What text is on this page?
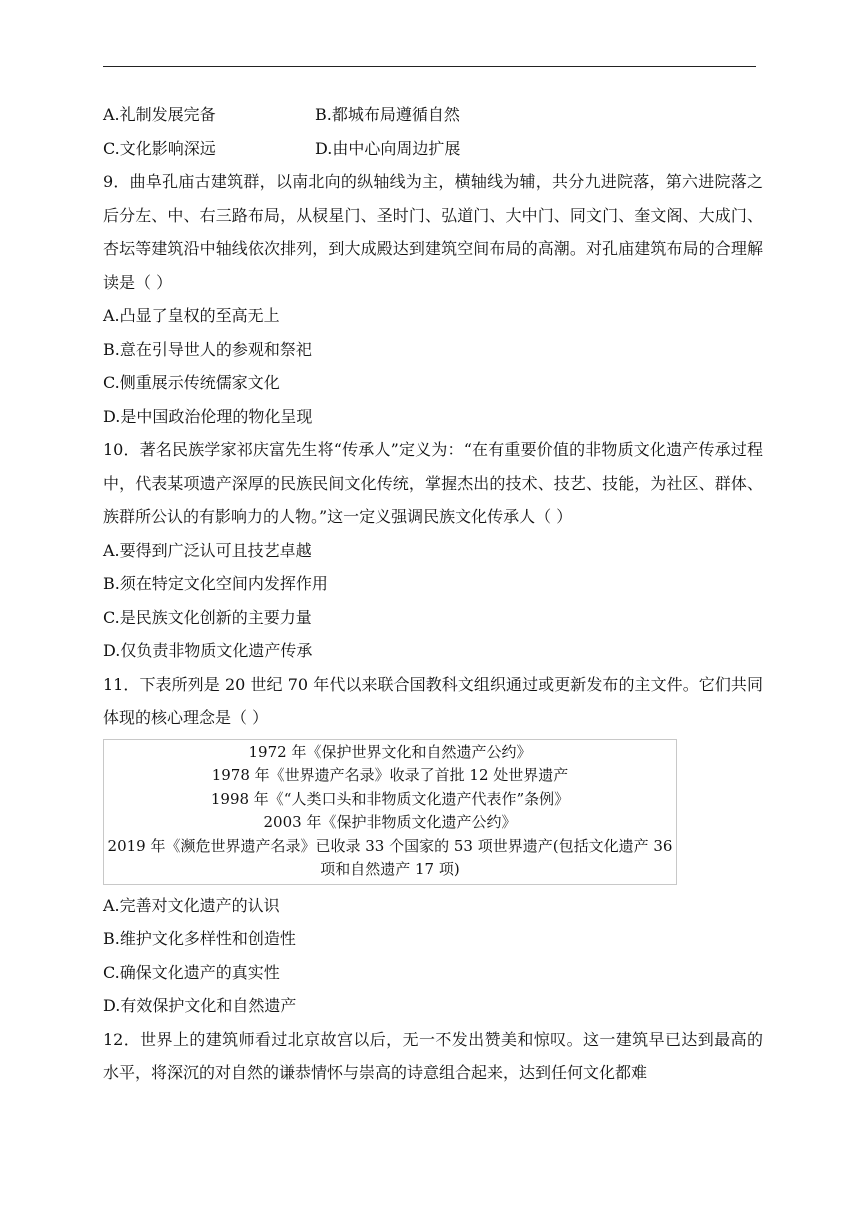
A.礼制发展完备	B.都城布局遵循自然
C.文化影响深远	D.由中心向周边扩展
9．曲阜孔庙古建筑群，以南北向的纵轴线为主，横轴线为辅，共分九进院落，第六进院落之后分左、中、右三路布局，从棂星门、圣时门、弘道门、大中门、同文门、奎文阁、大成门、杏坛等建筑沿中轴线依次排列，到大成殿达到建筑空间布局的高潮。对孔庙建筑布局的合理解读是（ ）
A.凸显了皇权的至高无上
B.意在引导世人的参观和祭祀
C.侧重展示传统儒家文化
D.是中国政治伦理的物化呈现
10．著名民族学家祁庆富先生将“传承人”定义为：“在有重要价值的非物质文化遗产传承过程中，代表某项遗产深厚的民族民间文化传统，掌握杰出的技术、技艺、技能，为社区、群体、族群所公认的有影响力的人物。”这一定义强调民族文化传承人（ ）
A.要得到广泛认可且技艺卓越
B.须在特定文化空间内发挥作用
C.是民族文化创新的主要力量
D.仅负责非物质文化遗产传承
11．下表所列是 20 世纪 70 年代以来联合国教科文组织通过或更新发布的主文件。它们共同体现的核心理念是（ ）
1972 年《保护世界文化和自然遗产公约》
1978 年《世界遗产名录》收录了首批 12 处世界遗产
1998 年《“人类口头和非物质文化遗产代表作”条例》
2003 年《保护非物质文化遗产公约》
2019 年《濒危世界遗产名录》已收录 33 个国家的 53 项世界遗产(包括文化遗产 36 项和自然遗产 17 项)
A.完善对文化遗产的认识
B.维护文化多样性和创造性
C.确保文化遗产的真实性
D.有效保护文化和自然遗产
12．世界上的建筑师看过北京故宫以后，无一不发出赞美和惊叹。这一建筑早已达到最高的水平，将深沉的对自然的谦恭情怀与崇高的诗意组合起来，达到任何文化都难
